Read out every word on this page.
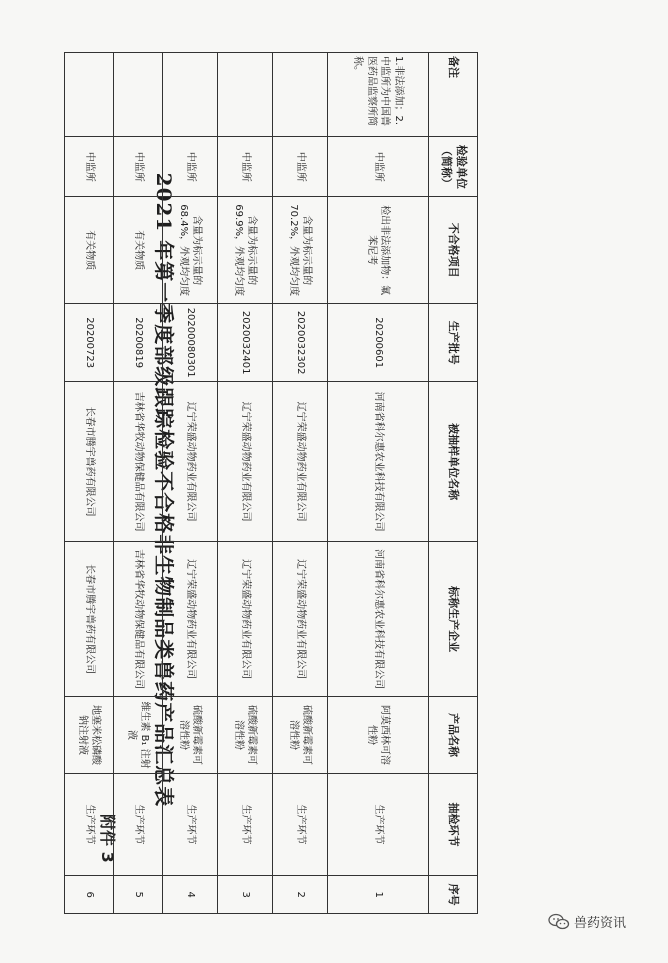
附件 3
2021 年第一季度部级跟踪检验不合格非生物制品类兽药产品汇总表
备注	检验单位（简称）	不合格项目	生产批号	被抽样单位名称	标称生产企业	产品名称	抽检环节	序号
1.非法添加；2.中监所为中国兽医药品监察所简称。	中监所	检出非法添加物：氟苯尼考	20200601	河南省科尔惠农业科技有限公司	河南省科尔惠农业科技有限公司	阿莫西林可溶性粉	生产环节	1
	中监所	含量为标示量的70.2%，外观均匀度	2020032302	辽宁荣盛动物药业有限公司	辽宁荣盛动物药业有限公司	硫酸新霉素可溶性粉	生产环节	2
	中监所	含量为标示量的69.9%，外观均匀度	2020032401	辽宁荣盛动物药业有限公司	辽宁荣盛动物药业有限公司	硫酸新霉素可溶性粉	生产环节	3
	中监所	含量为标示量的68.4%，外观均匀度	20200080301	辽宁荣盛动物药业有限公司	辽宁荣盛动物药业有限公司	硫酸新霉素可溶性粉	生产环节	4
	中监所	有关物质	20200819	吉林省华牧动物保健品有限公司	吉林省华牧动物保健品有限公司	维生素 B₁ 注射液	生产环节	5
	中监所	有关物质	20200723	长春市腾宇兽药有限公司	长春市腾宇兽药有限公司	地塞米松磷酸钠注射液	生产环节	6
兽药资讯
